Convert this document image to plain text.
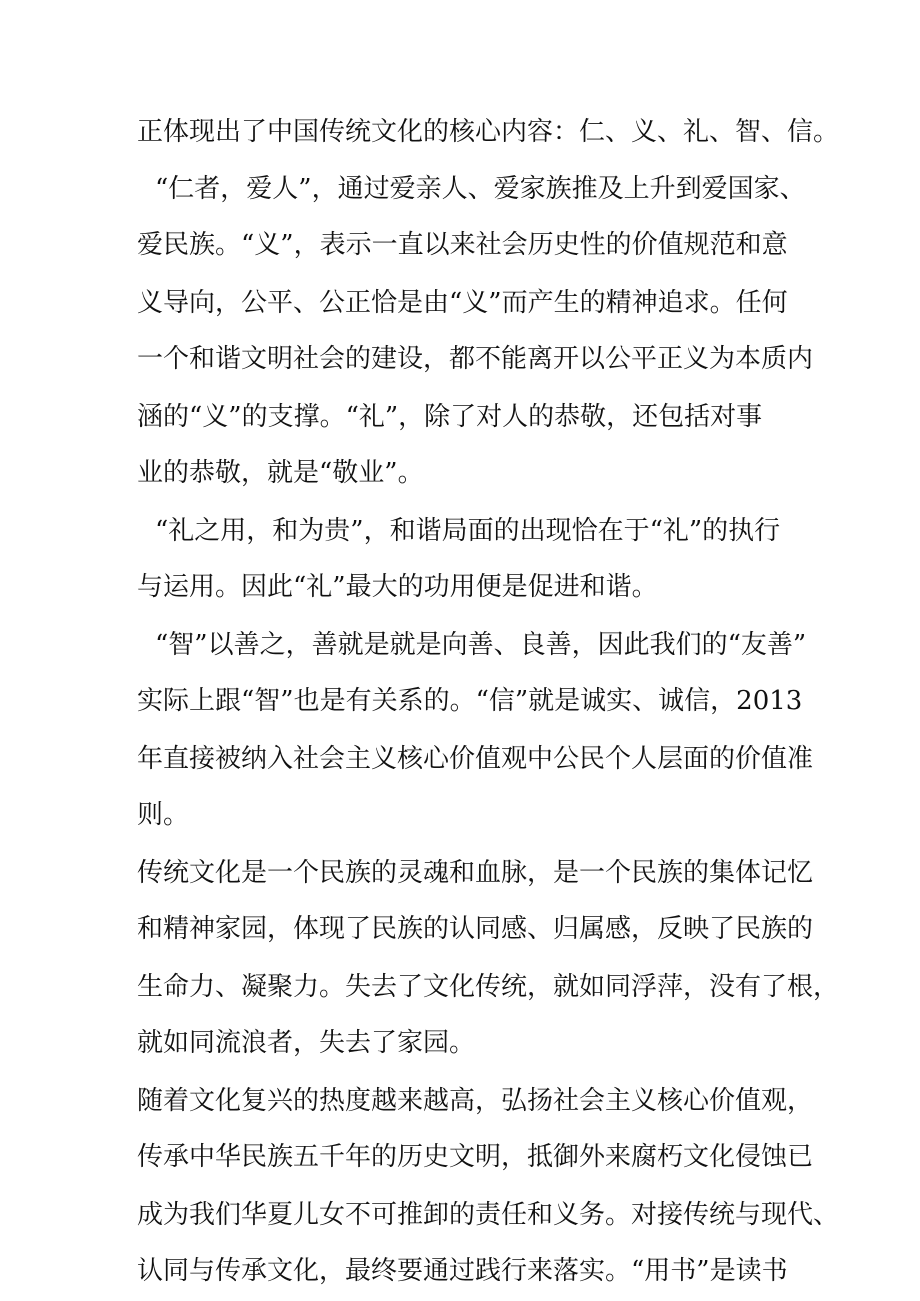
正体现出了中国传统文化的核心内容：仁、义、礼、智、信。
“仁者，爱人”，通过爱亲人、爱家族推及上升到爱国家、
爱民族。“义”，表示一直以来社会历史性的价值规范和意
义导向，公平、公正恰是由“义”而产生的精神追求。任何
一个和谐文明社会的建设，都不能离开以公平正义为本质内
涵的“义”的支撑。“礼”，除了对人的恭敬，还包括对事
业的恭敬，就是“敬业”。
“礼之用，和为贵”，和谐局面的出现恰在于“礼”的执行
与运用。因此“礼”最大的功用便是促进和谐。
“智”以善之，善就是就是向善、良善，因此我们的“友善”
实际上跟“智”也是有关系的。“信”就是诚实、诚信，2013
年直接被纳入社会主义核心价值观中公民个人层面的价值准
则。
传统文化是一个民族的灵魂和血脉，是一个民族的集体记忆
和精神家园，体现了民族的认同感、归属感，反映了民族的
生命力、凝聚力。失去了文化传统，就如同浮萍，没有了根，
就如同流浪者，失去了家园。
随着文化复兴的热度越来越高，弘扬社会主义核心价值观，
传承中华民族五千年的历史文明，抵御外来腐朽文化侵蚀已
成为我们华夏儿女不可推卸的责任和义务。对接传统与现代、
认同与传承文化，最终要通过践行来落实。“用书”是读书
